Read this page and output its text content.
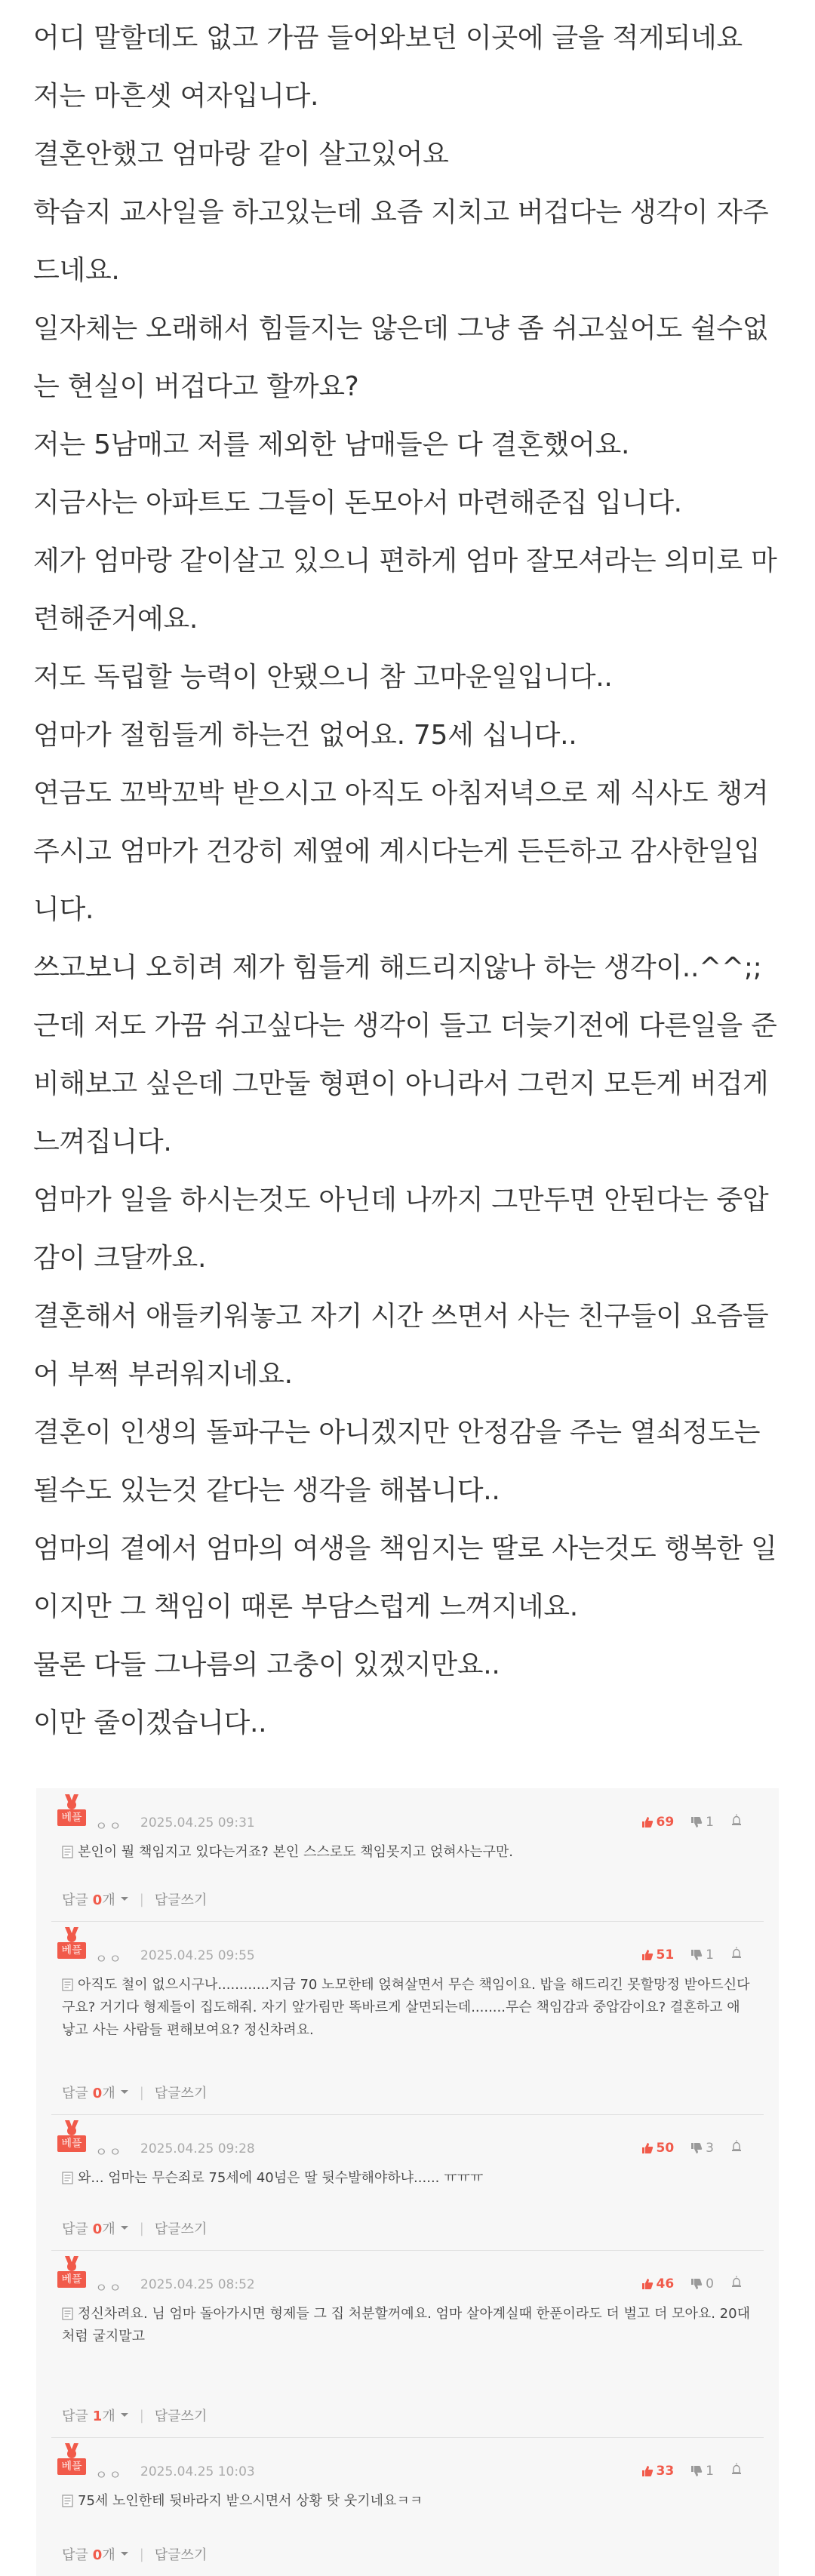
어디 말할데도 없고 가끔 들어와보던 이곳에 글을 적게되네요

저는 마흔셋 여자입니다.

결혼안했고 엄마랑 같이 살고있어요

학습지 교사일을 하고있는데 요즘 지치고 버겁다는 생각이 자주

드네요.

일자체는 오래해서 힘들지는 않은데 그냥 좀 쉬고싶어도 쉴수없

는 현실이 버겁다고 할까요?

저는 5남매고 저를 제외한 남매들은 다 결혼했어요.

지금사는 아파트도 그들이 돈모아서 마련해준집 입니다.

제가 엄마랑 같이살고 있으니 편하게 엄마 잘모셔라는 의미로 마

련해준거예요.

저도 독립할 능력이 안됐으니 참 고마운일입니다..

엄마가 절힘들게 하는건 없어요. 75세 십니다..

연금도 꼬박꼬박 받으시고 아직도 아침저녁으로 제 식사도 챙겨

주시고 엄마가 건강히 제옆에 계시다는게 든든하고 감사한일입

니다.

쓰고보니 오히려 제가 힘들게 해드리지않나 하는 생각이..^^;;

근데 저도 가끔 쉬고싶다는 생각이 들고 더늦기전에 다른일을 준

비해보고 싶은데 그만둘 형편이 아니라서 그런지 모든게 버겁게

느껴집니다.

엄마가 일을 하시는것도 아닌데 나까지 그만두면 안된다는 중압

감이 크달까요.

결혼해서 애들키워놓고 자기 시간 쓰면서 사는 친구들이 요즘들

어 부쩍 부러워지네요.

결혼이 인생의 돌파구는 아니겠지만 안정감을 주는 열쇠정도는

될수도 있는것 같다는 생각을 해봅니다..

엄마의 곁에서 엄마의 여생을 책임지는 딸로 사는것도 행복한 일

이지만 그 책임이 때론 부담스럽게 느껴지네요.

물론 다들 그나름의 고충이 있겠지만요..

이만 줄이겠습니다..

베플
ㅇㅇ 2025.04.25 09:31	69 1
본인이 뭘 책임지고 있다는거죠? 본인 스스로도 책임못지고 얹혀사는구만.
답글 0개 | 답글쓰기
베플
ㅇㅇ 2025.04.25 09:55	51 1
아직도 철이 없으시구나............지금 70 노모한테 얹혀살면서 무슨 책임이요. 밥을 해드리긴 못할망정 받아드신다구요? 거기다 형제들이 집도해줘. 자기 앞가림만 똑바르게 살면되는데........무슨 책임감과 중압감이요? 결혼하고 애낳고 사는 사람들 편해보여요? 정신차려요.
답글 0개 | 답글쓰기
베플
ㅇㅇ 2025.04.25 09:28	50 3
와... 엄마는 무슨죄로 75세에 40넘은 딸 뒷수발해야하냐...... ㅠㅠㅠ
답글 0개 | 답글쓰기
베플
ㅇㅇ 2025.04.25 08:52	46 0
정신차려요. 님 엄마 돌아가시면 형제들 그 집 처분할꺼예요. 엄마 살아계실때 한푼이라도 더 벌고 더 모아요. 20대처럼 굴지말고
답글 1개 | 답글쓰기
베플
ㅇㅇ 2025.04.25 10:03	33 1
75세 노인한테 뒷바라지 받으시면서 상황 탓 웃기네요ㅋㅋ
답글 0개 | 답글쓰기
